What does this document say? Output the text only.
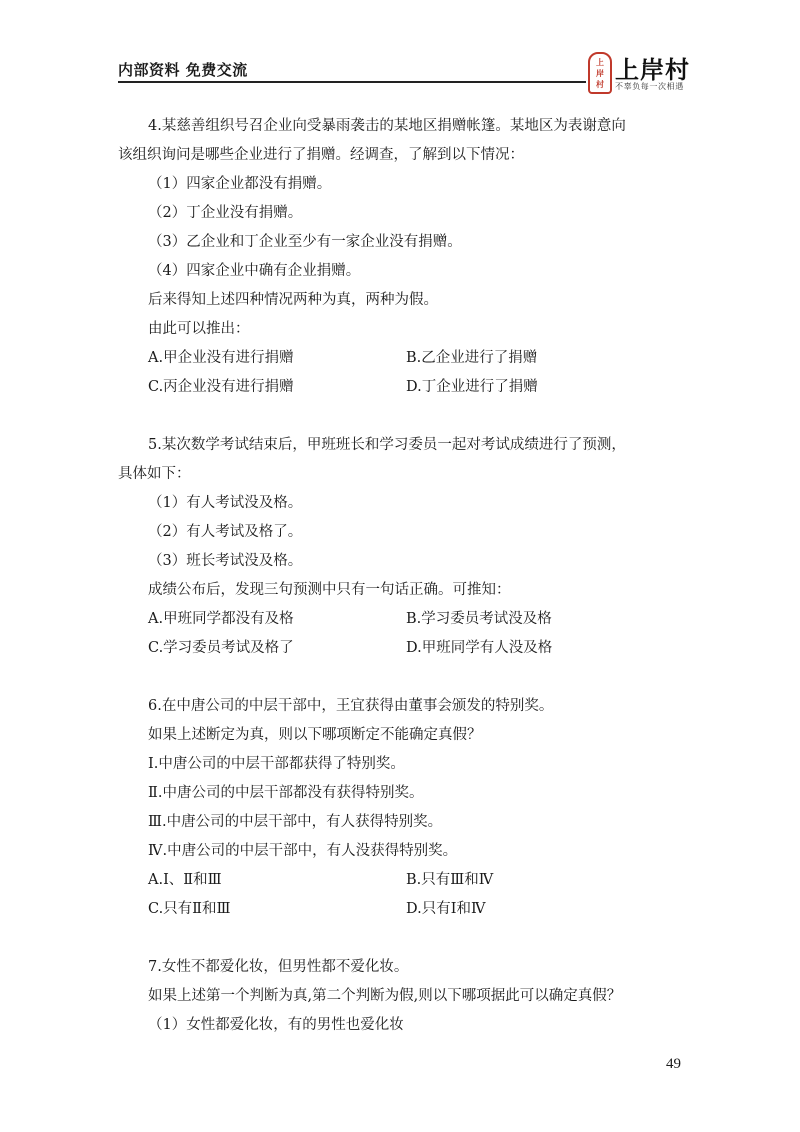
内部资料 免费交流	上
岸
村 上岸村
不辜负每一次相遇
4.某慈善组织号召企业向受暴雨袭击的某地区捐赠帐篷。某地区为表谢意向
该组织询问是哪些企业进行了捐赠。经调查，了解到以下情况：
（1）四家企业都没有捐赠。
（2）丁企业没有捐赠。
（3）乙企业和丁企业至少有一家企业没有捐赠。
（4）四家企业中确有企业捐赠。
后来得知上述四种情况两种为真，两种为假。
由此可以推出：
A.甲企业没有进行捐赠	B.乙企业进行了捐赠
C.丙企业没有进行捐赠	D.丁企业进行了捐赠
5.某次数学考试结束后，甲班班长和学习委员一起对考试成绩进行了预测，
具体如下：
（1）有人考试没及格。
（2）有人考试及格了。
（3）班长考试没及格。
成绩公布后，发现三句预测中只有一句话正确。可推知：
A.甲班同学都没有及格	B.学习委员考试没及格
C.学习委员考试及格了	D.甲班同学有人没及格
6.在中唐公司的中层干部中，王宜获得由董事会颁发的特别奖。
如果上述断定为真，则以下哪项断定不能确定真假？
Ⅰ.中唐公司的中层干部都获得了特别奖。
Ⅱ.中唐公司的中层干部都没有获得特别奖。
Ⅲ.中唐公司的中层干部中，有人获得特别奖。
Ⅳ.中唐公司的中层干部中，有人没获得特别奖。
A.Ⅰ、Ⅱ和Ⅲ	B.只有Ⅲ和Ⅳ
C.只有Ⅱ和Ⅲ	D.只有Ⅰ和Ⅳ
7.女性不都爱化妆，但男性都不爱化妆。
如果上述第一个判断为真,第二个判断为假,则以下哪项据此可以确定真假？
（1）女性都爱化妆，有的男性也爱化妆
49
